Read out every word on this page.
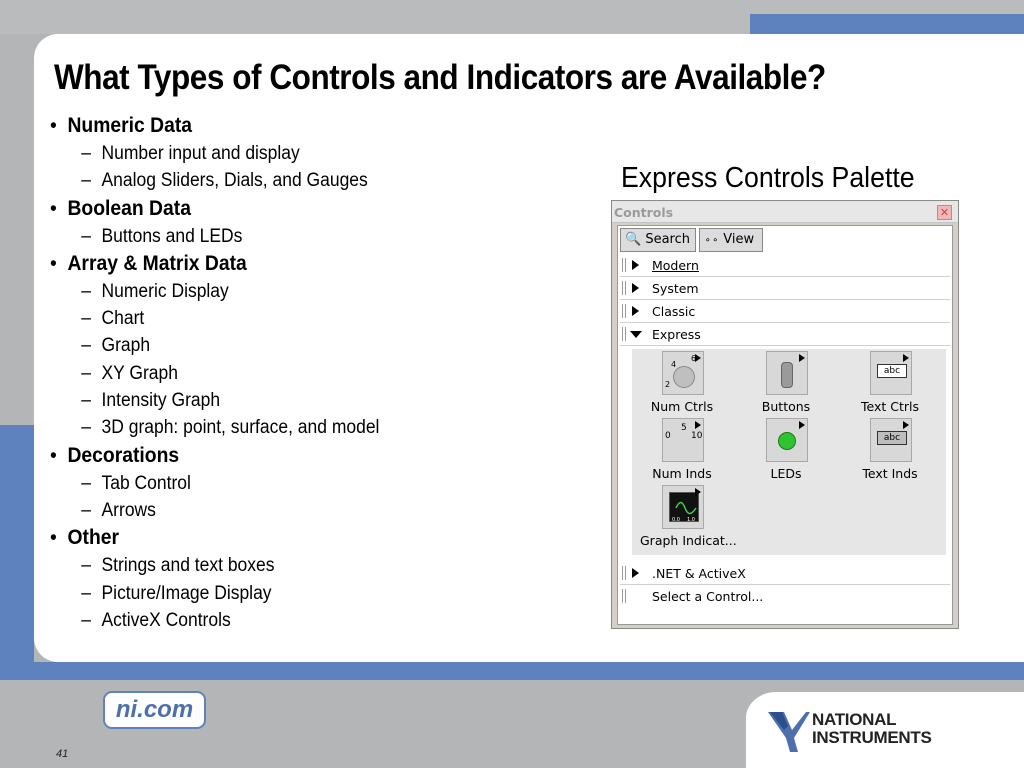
What Types of Controls and Indicators are Available?
• Numeric Data
– Number input and display
– Analog Sliders, Dials, and Gauges
• Boolean Data
– Buttons and LEDs
• Array & Matrix Data
– Numeric Display
– Chart
– Graph
– XY Graph
– Intensity Graph
– 3D graph: point, surface, and model
• Decorations
– Tab Control
– Arrows
• Other
– Strings and text boxes
– Picture/Image Display
– ActiveX Controls
Express Controls Palette
Controls	✕
🔍 Search	⚬⚬ View
Modern
System
Classic
Express
4
6
2
Num Ctrls	Buttons
abc
Text Ctrls
0
5
10
Num Inds	LEDs
abc
Text Inds
0.0 1.0
Graph Indicat...
.NET & ActiveX
Select a Control...
ni.com	NATIONAL
INSTRUMENTS
41
